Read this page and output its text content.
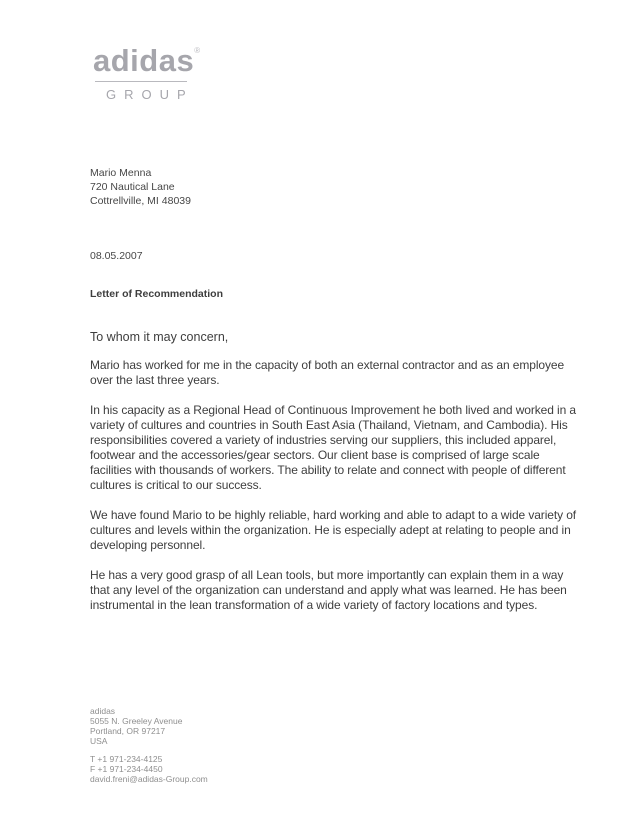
adidas®
GROUP
Mario Menna
720 Nautical Lane
Cottrellville, MI 48039
08.05.2007
Letter of Recommendation
To whom it may concern,

Mario has worked for me in the capacity of both an external contractor and as an employee over the last three years.

In his capacity as a Regional Head of Continuous Improvement he both lived and worked in a variety of cultures and countries in South East Asia (Thailand, Vietnam, and Cambodia). His responsibilities covered a variety of industries serving our suppliers, this included apparel, footwear and the accessories/gear sectors. Our client base is comprised of large scale facilities with thousands of workers. The ability to relate and connect with people of different cultures is critical to our success.

We have found Mario to be highly reliable, hard working and able to adapt to a wide variety of cultures and levels within the organization. He is especially adept at relating to people and in developing personnel.

He has a very good grasp of all Lean tools, but more importantly can explain them in a way that any level of the organization can understand and apply what was learned. He has been instrumental in the lean transformation of a wide variety of factory locations and types.

adidas
5055 N. Greeley Avenue
Portland, OR 97217
USA
T +1 971-234-4125
F +1 971-234-4450
david.freni@adidas-Group.com
